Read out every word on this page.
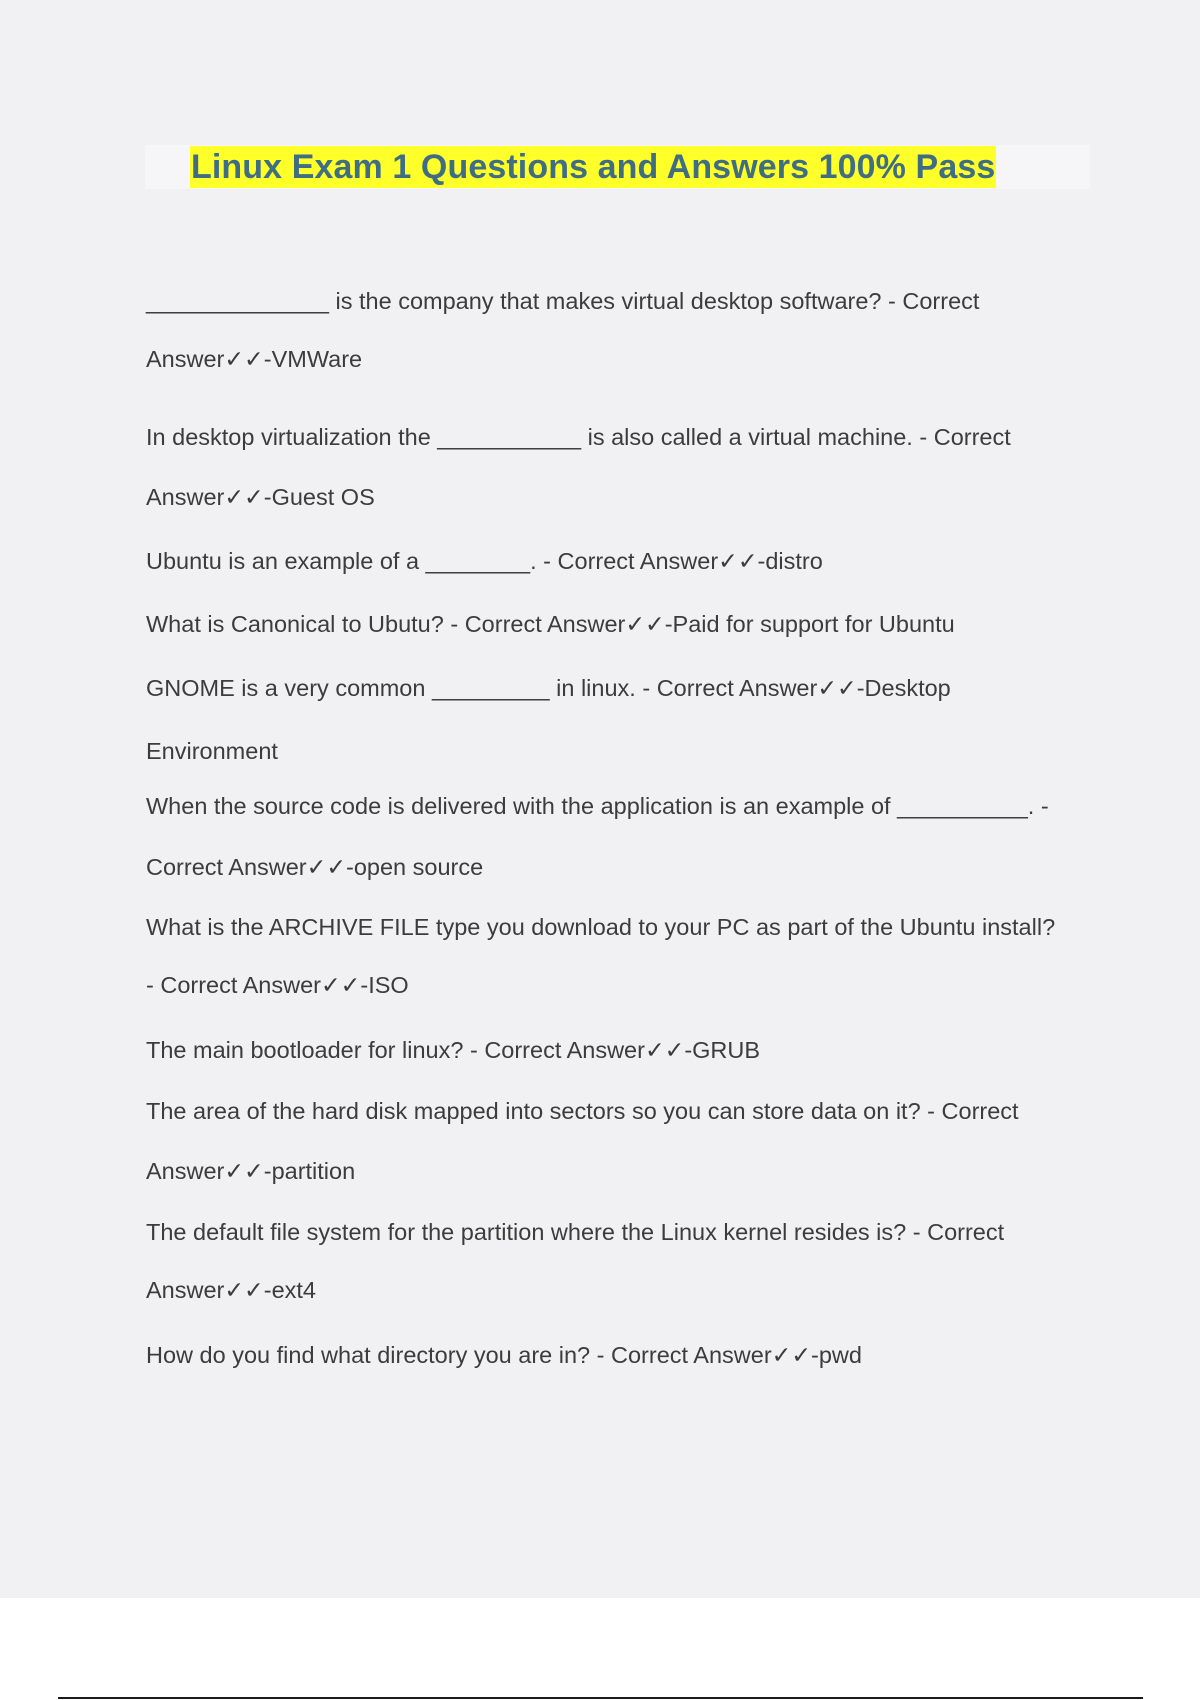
Linux Exam 1 Questions and Answers 100% Pass
______________ is the company that makes virtual desktop software? - Correct
Answer✓✓-VMWare
In desktop virtualization the ___________ is also called a virtual machine. - Correct
Answer✓✓-Guest OS
Ubuntu is an example of a ________. - Correct Answer✓✓-distro
What is Canonical to Ubutu? - Correct Answer✓✓-Paid for support for Ubuntu
GNOME is a very common _________ in linux. - Correct Answer✓✓-Desktop
Environment
When the source code is delivered with the application is an example of __________. -
Correct Answer✓✓-open source
What is the ARCHIVE FILE type you download to your PC as part of the Ubuntu install?
- Correct Answer✓✓-ISO
The main bootloader for linux? - Correct Answer✓✓-GRUB
The area of the hard disk mapped into sectors so you can store data on it? - Correct
Answer✓✓-partition
The default file system for the partition where the Linux kernel resides is? - Correct
Answer✓✓-ext4
How do you find what directory you are in? - Correct Answer✓✓-pwd
